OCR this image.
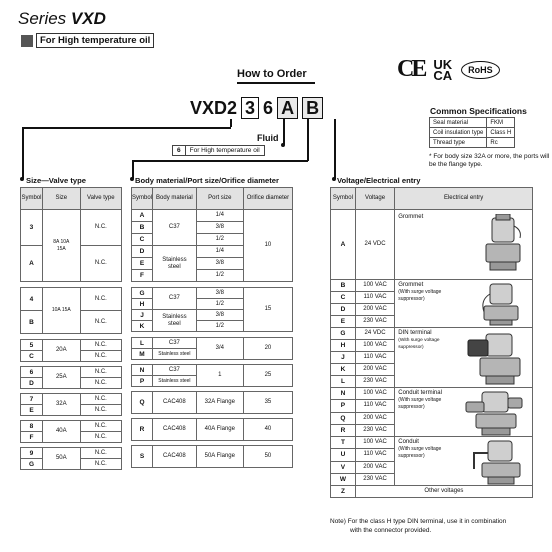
Series VXD
For High temperature oil
CE UK
CA	RoHS
How to Order
VXD2 3 6 A B
Fluid
6	For High temperature oil
Common Specifications
Seal material	FKM
Coil insulation type	Class H
Thread type	Rc
* For body size 32A or more, the ports will be the flange type.
Size—Valve type	Body material/Port size/Orifice diameter	Voltage/Electrical entry
Symbol	Size	Valve type
3	8A 10A 15A	N.C.
A		N.C.

4	10A 15A	N.C.
B		N.C.

5	20A	N.C.
C		N.C.

6	25A	N.C.
D		N.C.

7	32A	N.C.
E		N.C.

8	40A	N.C.
F		N.C.

9	50A	N.C.
G		N.C.
Symbol	Body material	Port size	Orifice diameter
A	C37	1/4	10
B		3/8	
C		1/2	
D	Stainless steel	1/4	
E		3/8	
F		1/2	

G	C37	3/8	15
H		1/2	
J	Stainless steel	3/8	
K		1/2	

L	C37	3/4	20
M	Stainless steel		

N	C37	1	25
P	Stainless steel		

Q	CAC408	32A Flange	35

R	CAC408	40A Flange	40

S	CAC408	50A Flange	50
Symbol	Voltage	Electrical entry
A	24 VDC	Grommet

B	100 VAC	Grommet
(With surge voltage suppressor)

C	110 VAC	
D	200 VAC	
E	230 VAC	
G	24 VDC	DIN terminal
(With surge voltage suppressor)

H	100 VAC	
J	110 VAC	
K	200 VAC	
L	230 VAC	
N	100 VAC	Conduit terminal
(With surge voltage suppressor)

P	110 VAC	
Q	200 VAC	
R	230 VAC	
T	100 VAC	Conduit
(With surge voltage suppressor)

U	110 VAC	
V	200 VAC	
W	230 VAC	
Z	Other voltages	
Note) For the class H type DIN terminal, use it in combination
with the connector provided.
